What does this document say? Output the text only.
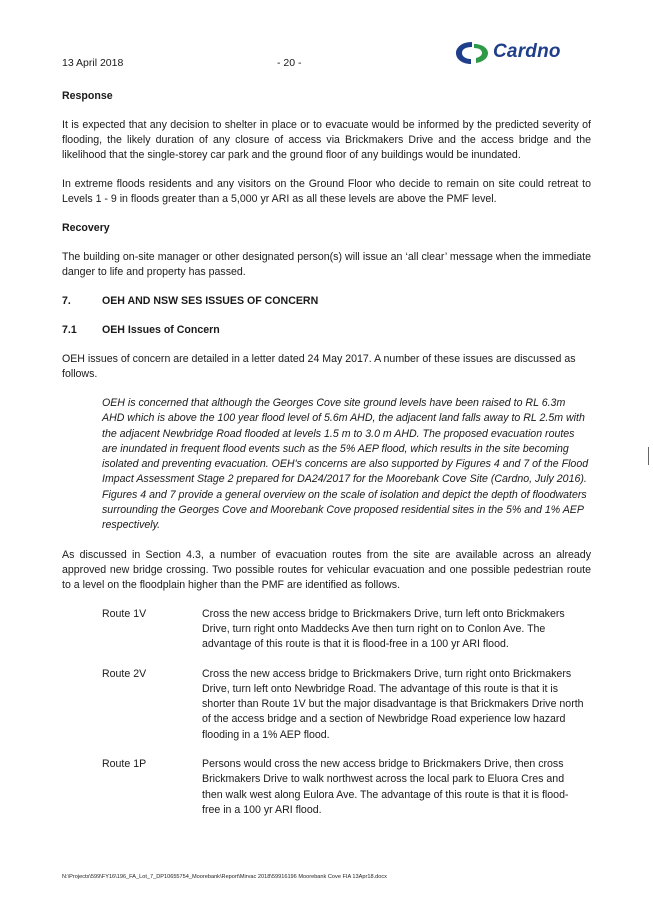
13 April 2018	- 20 -
Cardno

Response

It is expected that any decision to shelter in place or to evacuate would be informed by the predicted severity of flooding, the likely duration of any closure of access via Brickmakers Drive and the access bridge and the likelihood that the single-storey car park and the ground floor of any buildings would be inundated.

In extreme floods residents and any visitors on the Ground Floor who decide to remain on site could retreat to Levels 1 - 9 in floods greater than a 5,000 yr ARI as all these levels are above the PMF level.

Recovery

The building on-site manager or other designated person(s) will issue an ‘all clear’ message when the immediate danger to life and property has passed.

7.	OEH AND NSW SES ISSUES OF CONCERN
7.1	OEH Issues of Concern

OEH issues of concern are detailed in a letter dated 24 May 2017. A number of these issues are discussed as follows.

OEH is concerned that although the Georges Cove site ground levels have been raised to RL 6.3m AHD which is above the 100 year flood level of 5.6m AHD, the adjacent land falls away to RL 2.5m with the adjacent Newbridge Road flooded at levels 1.5 m to 3.0 m AHD. The proposed evacuation routes are inundated in frequent flood events such as the 5% AEP flood, which results in the site becoming isolated and preventing evacuation. OEH's concerns are also supported by Figures 4 and 7 of the Flood Impact Assessment Stage 2 prepared for DA24/2017 for the Moorebank Cove Site (Cardno, July 2016). Figures 4 and 7 provide a general overview on the scale of isolation and depict the depth of floodwaters surrounding the Georges Cove and Moorebank Cove proposed residential sites in the 5% and 1% AEP respectively.

As discussed in Section 4.3, a number of evacuation routes from the site are available across an already approved new bridge crossing. Two possible routes for vehicular evacuation and one possible pedestrian route to a level on the floodplain higher than the PMF are identified as follows.

Route 1V	Cross the new access bridge to Brickmakers Drive, turn left onto Brickmakers Drive, turn right onto Maddecks Ave then turn right on to Conlon Ave. The advantage of this route is that it is flood-free in a 100 yr ARI flood.
Route 2V	Cross the new access bridge to Brickmakers Drive, turn right onto Brickmakers Drive, turn left onto Newbridge Road. The advantage of this route is that it is shorter than Route 1V but the major disadvantage is that Brickmakers Drive north of the access bridge and a section of Newbridge Road experience low hazard flooding in a 1% AEP flood.
Route 1P	Persons would cross the new access bridge to Brickmakers Drive, then cross Brickmakers Drive to walk northwest across the local park to Eluora Cres and then walk west along Eulora Ave. The advantage of this route is that it is flood-free in a 100 yr ARI flood.
N:\Projects\599\FY16\196_FA_Lot_7_DP10655754_Moorebank\Report\Mirvac 2018\59916196 Moorebank Cove FIA 13Apr18.docx
